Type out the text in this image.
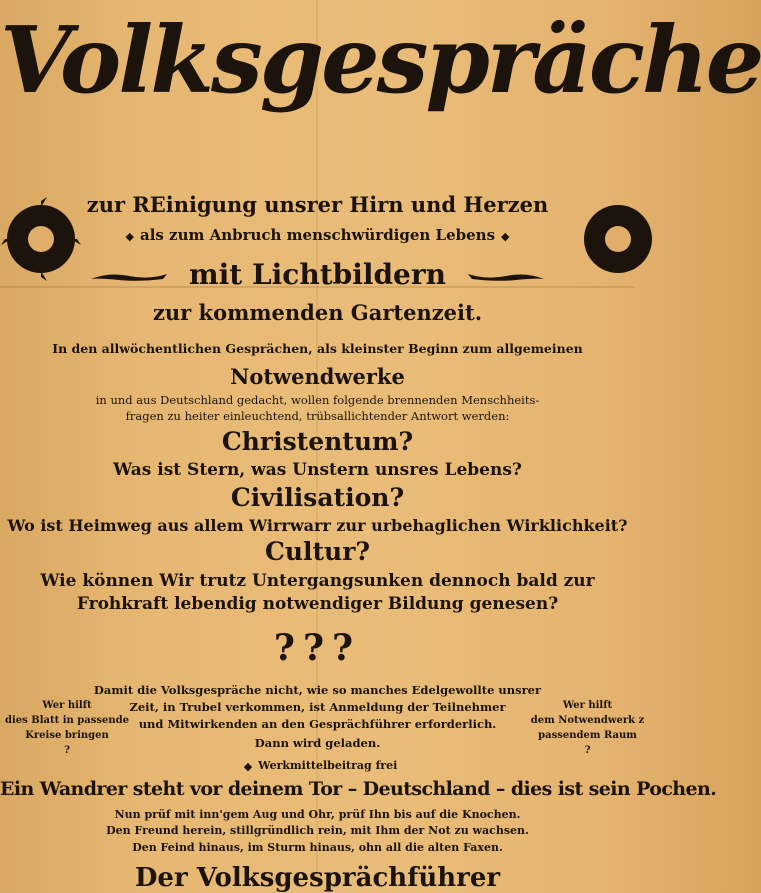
Volksgespräche
zur REinigung unsrer Hirn und Herzen
◆ als zum Anbruch menschwürdigen Lebens ◆
mit Lichtbildern
zur kommenden Gartenzeit.
In den allwöchentlichen Gesprächen, als kleinster Beginn zum allgemeinen
Notwendwerke
in und aus Deutschland gedacht, wollen folgende brennenden Menschheits-
fragen zu heiter einleuchtend, trübsallichtender Antwort werden:
Christentum?
Was ist Stern, was Unstern unsres Lebens?
Civilisation?
Wo ist Heimweg aus allem Wirrwarr zur urbehaglichen Wirklichkeit?
Cultur?
Wie können Wir trutz Untergangsunken dennoch bald zur
Frohkraft lebendig notwendiger Bildung genesen?
???
Wer hilft
dies Blatt in passende
Kreise bringen
?
Wer hilft
dem Notwendwerk z
passendem Raum
?
Damit die Volksgespräche nicht, wie so manches Edelgewollte unsrer
Zeit, in Trubel verkommen, ist Anmeldung der Teilnehmer
und Mitwirkenden an den Gesprächführer erforderlich.
Dann wird geladen.
◆ Werkmittelbeitrag frei
Ein Wandrer steht vor deinem Tor – Deutschland – dies ist sein Pochen.
Nun prüf mit inn'gem Aug und Ohr, prüf Ihn bis auf die Knochen.
Den Freund herein, stillgründlich rein, mit Ihm der Not zu wachsen.
Den Feind hinaus, im Sturm hinaus, ohn all die alten Faxen.
Der Volksgesprächführer
